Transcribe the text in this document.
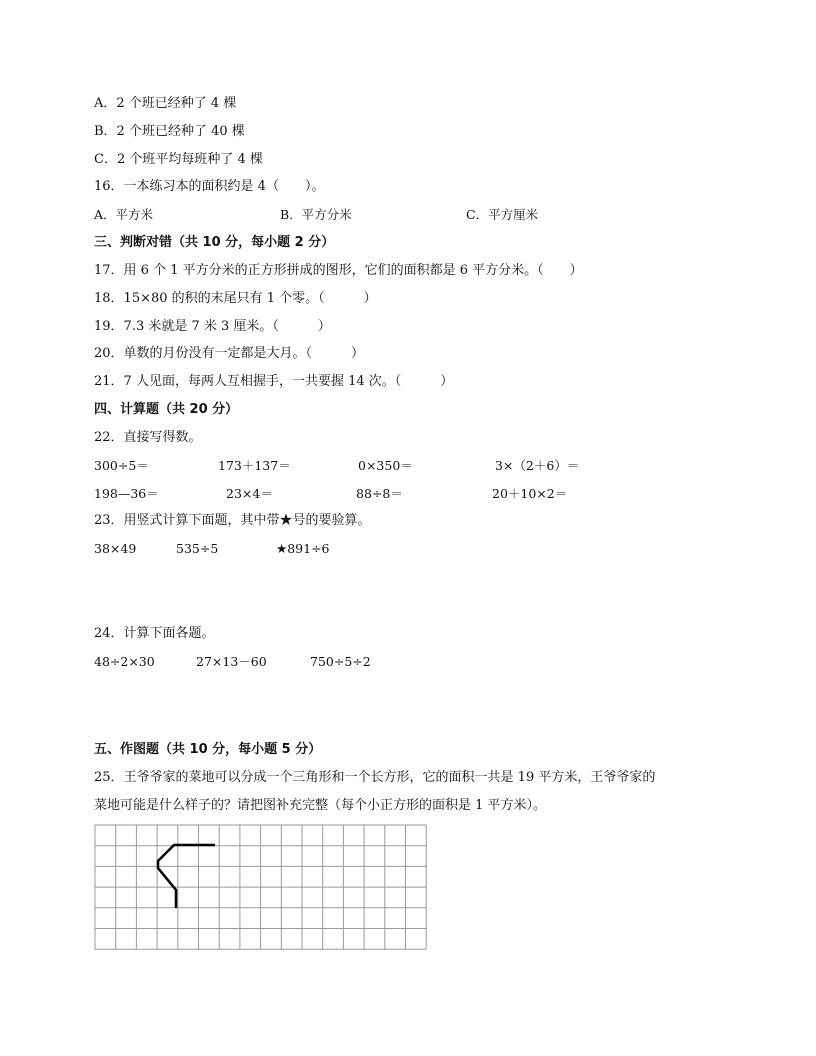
A．2 个班已经种了 4 棵
B．2 个班已经种了 40 棵
C．2 个班平均每班种了 4 棵
16．一本练习本的面积约是 4（　　）。
A．平方米	B．平方分米	C．平方厘米
三、判断对错（共 10 分，每小题 2 分）
17．用 6 个 1 平方分米的正方形拼成的图形，它们的面积都是 6 平方分米。（　　）
18．15×80 的积的末尾只有 1 个零。（　　　）
19．7.3 米就是 7 米 3 厘米。（　　　）
20．单数的月份没有一定都是大月。（　　　）
21．7 人见面，每两人互相握手，一共要握 14 次。（　　　）
四、计算题（共 20 分）
22．直接写得数。
300÷5＝	173＋137＝	0×350＝	3×（2＋6）＝
198—36＝	23×4＝	88÷8＝	20＋10×2＝
23．用竖式计算下面题，其中带★号的要验算。
38×49	535÷5	★891÷6
24．计算下面各题。
48÷2×30	27×13－60	750÷5÷2
五、作图题（共 10 分，每小题 5 分）
25．王爷爷家的菜地可以分成一个三角形和一个长方形，它的面积一共是 19 平方米，王爷爷家的
菜地可能是什么样子的？请把图补充完整（每个小正方形的面积是 1 平方米）。
